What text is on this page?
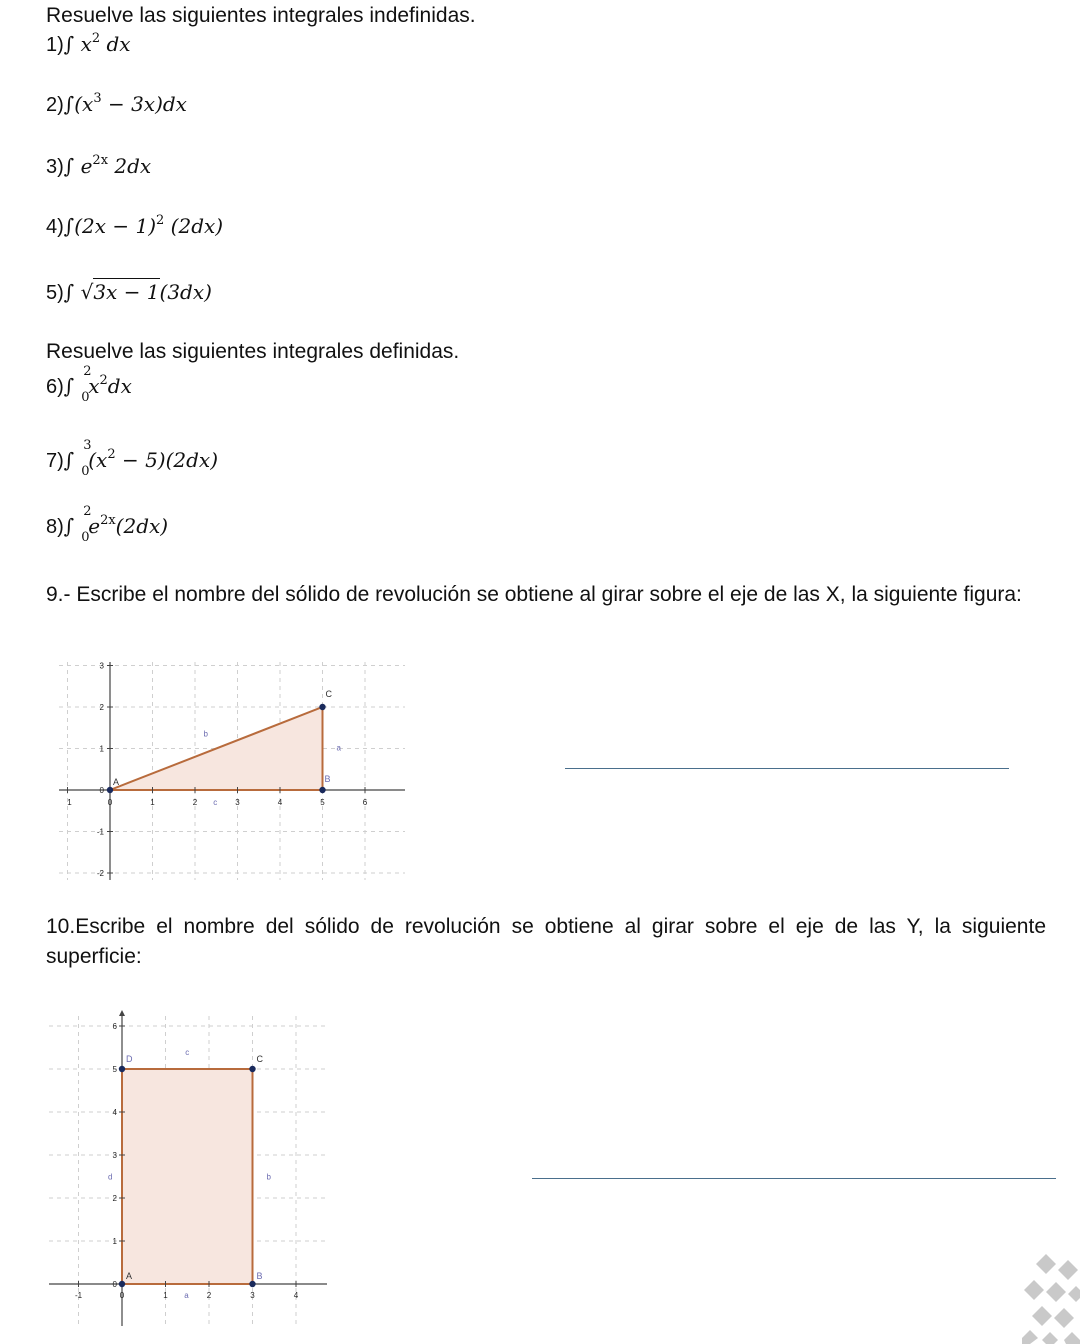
Resuelve las siguientes integrales indefinidas.
1)∫ $x^2$ dx
$2)\int(x^3 - 3x)dx$
3)∫ $e^{2x}$ 2dx
$4)\int(2x - 1)^2$ (2dx)
5)∫ √3x − 1(3dx)
Resuelve las siguientes integrales definidas.
6)∫
2
0
$x^2dx$
7)∫
3
0
$(x^2 - 5)(2dx)$
8)∫
2
0
$e^{2x}(2dx)$
9.- Escribe el nombre del sólido de revolución se obtiene al girar sobre el eje de las X, la siguiente figura:
1	0	1	2	3	4	5	6
3
2
1
0
-1
-2
A	B
C
a
b
c
10.Escribe el nombre del sólido de revolución se obtiene al girar sobre el eje de las Y, la siguiente superficie:
-1	0	1	2	3	4
6
5
4
3
2
1
0
A	B
C
D
a
b
c
d
